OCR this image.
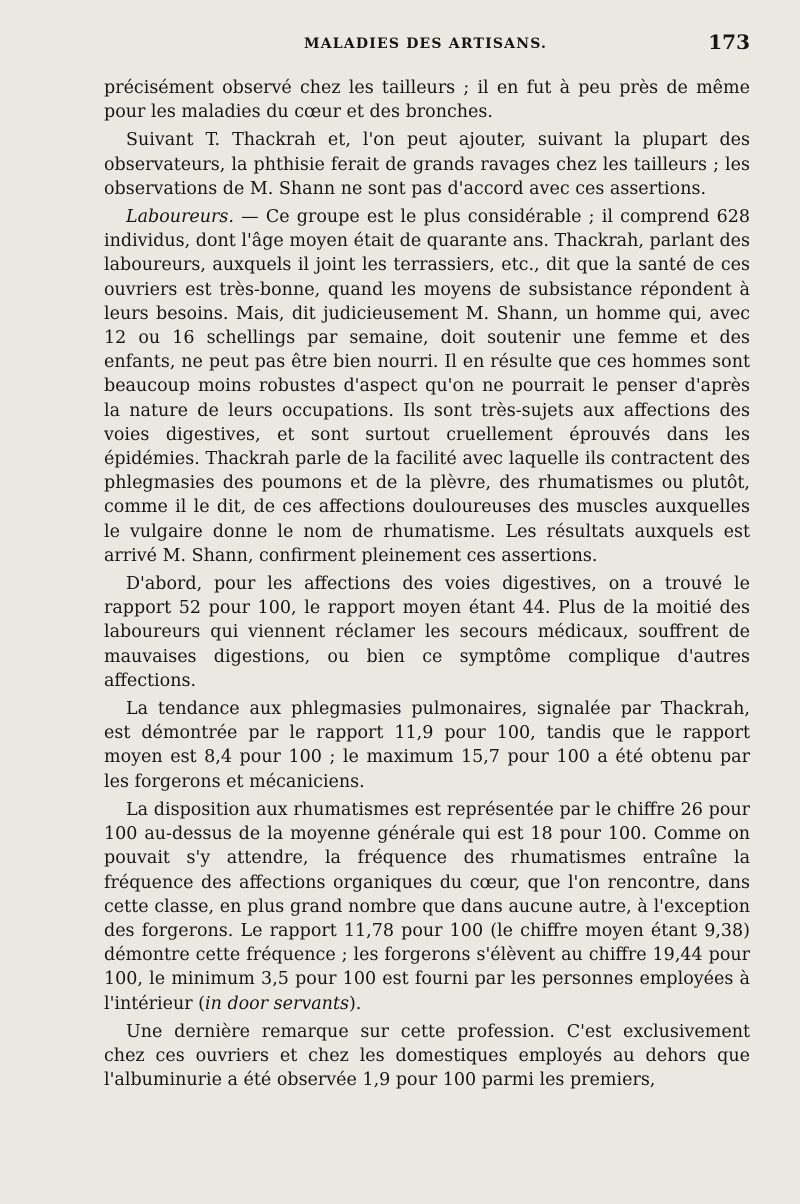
MALADIES DES ARTISANS.	173

précisément observé chez les tailleurs ; il en fut à peu près de même pour les maladies du cœur et des bronches.

Suivant T. Thackrah et, l'on peut ajouter, suivant la plupart des observateurs, la phthisie ferait de grands ravages chez les tailleurs ; les observations de M. Shann ne sont pas d'accord avec ces assertions.

Laboureurs. — Ce groupe est le plus considérable ; il comprend 628 individus, dont l'âge moyen était de quarante ans. Thackrah, parlant des laboureurs, auxquels il joint les terrassiers, etc., dit que la santé de ces ouvriers est très-bonne, quand les moyens de subsistance répondent à leurs besoins. Mais, dit judicieusement M. Shann, un homme qui, avec 12 ou 16 schellings par semaine, doit soutenir une femme et des enfants, ne peut pas être bien nourri. Il en résulte que ces hommes sont beaucoup moins robustes d'aspect qu'on ne pourrait le penser d'après la nature de leurs occupations. Ils sont très-sujets aux affections des voies digestives, et sont surtout cruellement éprouvés dans les épidémies. Thackrah parle de la facilité avec laquelle ils contractent des phlegmasies des poumons et de la plèvre, des rhumatismes ou plutôt, comme il le dit, de ces affections douloureuses des muscles auxquelles le vulgaire donne le nom de rhumatisme. Les résultats auxquels est arrivé M. Shann, confirment pleinement ces assertions.

D'abord, pour les affections des voies digestives, on a trouvé le rapport 52 pour 100, le rapport moyen étant 44. Plus de la moitié des laboureurs qui viennent réclamer les secours médicaux, souffrent de mauvaises digestions, ou bien ce symptôme complique d'autres affections.

La tendance aux phlegmasies pulmonaires, signalée par Thackrah, est démontrée par le rapport 11,9 pour 100, tandis que le rapport moyen est 8,4 pour 100 ; le maximum 15,7 pour 100 a été obtenu par les forgerons et mécaniciens.

La disposition aux rhumatismes est représentée par le chiffre 26 pour 100 au-dessus de la moyenne générale qui est 18 pour 100. Comme on pouvait s'y attendre, la fréquence des rhumatismes entraîne la fréquence des affections organiques du cœur, que l'on rencontre, dans cette classe, en plus grand nombre que dans aucune autre, à l'exception des forgerons. Le rapport 11,78 pour 100 (le chiffre moyen étant 9,38) démontre cette fréquence ; les forgerons s'élèvent au chiffre 19,44 pour 100, le minimum 3,5 pour 100 est fourni par les personnes employées à l'intérieur (in door servants).

Une dernière remarque sur cette profession. C'est exclusivement chez ces ouvriers et chez les domestiques employés au dehors que l'albuminurie a été observée 1,9 pour 100 parmi les premiers,
